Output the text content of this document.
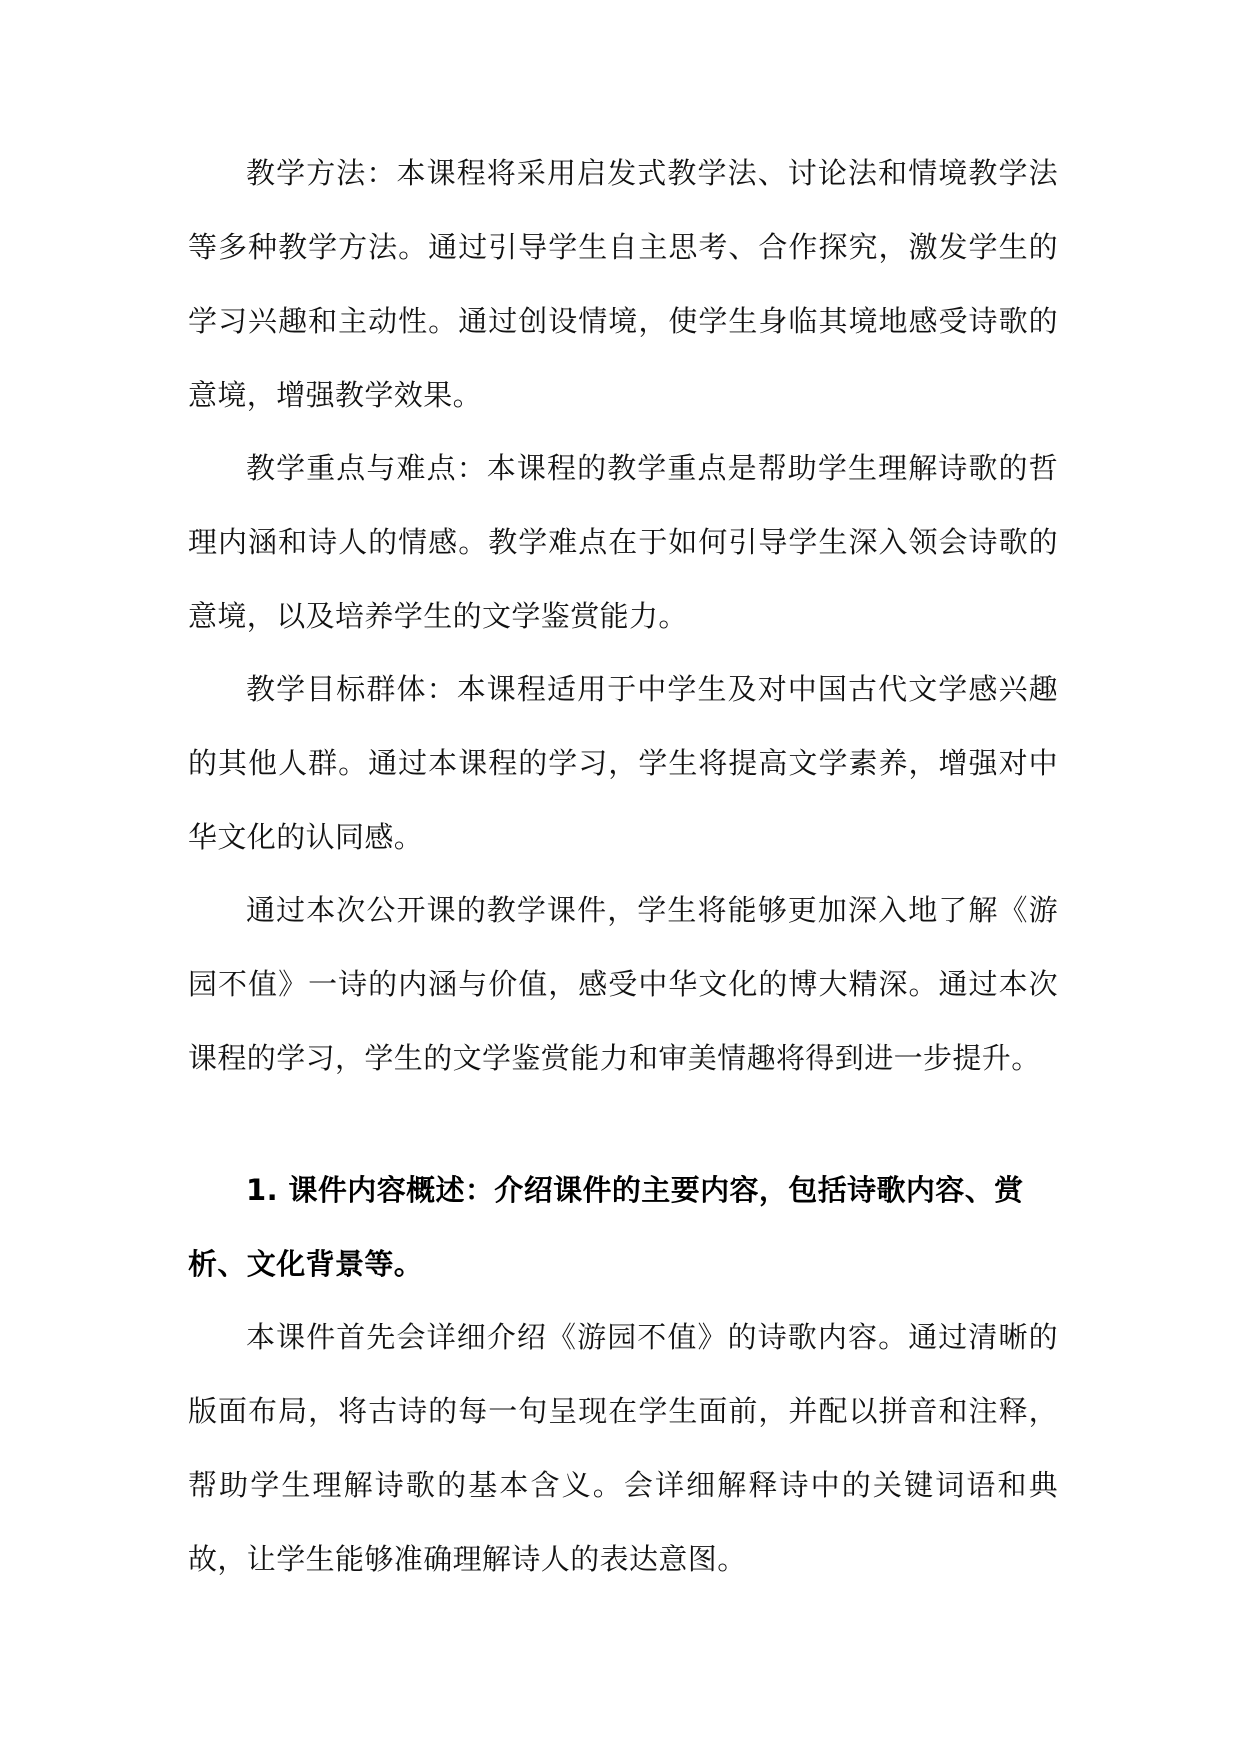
教学方法：本课程将采用启发式教学法、讨论法和情境教学法等多种教学方法。通过引导学生自主思考、合作探究，激发学生的学习兴趣和主动性。通过创设情境，使学生身临其境地感受诗歌的意境，增强教学效果。

教学重点与难点：本课程的教学重点是帮助学生理解诗歌的哲理内涵和诗人的情感。教学难点在于如何引导学生深入领会诗歌的意境，以及培养学生的文学鉴赏能力。

教学目标群体：本课程适用于中学生及对中国古代文学感兴趣的其他人群。通过本课程的学习，学生将提高文学素养，增强对中华文化的认同感。

通过本次公开课的教学课件，学生将能够更加深入地了解《游园不值》一诗的内涵与价值，感受中华文化的博大精深。通过本次课程的学习，学生的文学鉴赏能力和审美情趣将得到进一步提升。

1. 课件内容概述：介绍课件的主要内容，包括诗歌内容、赏析、文化背景等。

本课件首先会详细介绍《游园不值》的诗歌内容。通过清晰的版面布局，将古诗的每一句呈现在学生面前，并配以拼音和注释，帮助学生理解诗歌的基本含义。会详细解释诗中的关键词语和典故，让学生能够准确理解诗人的表达意图。
